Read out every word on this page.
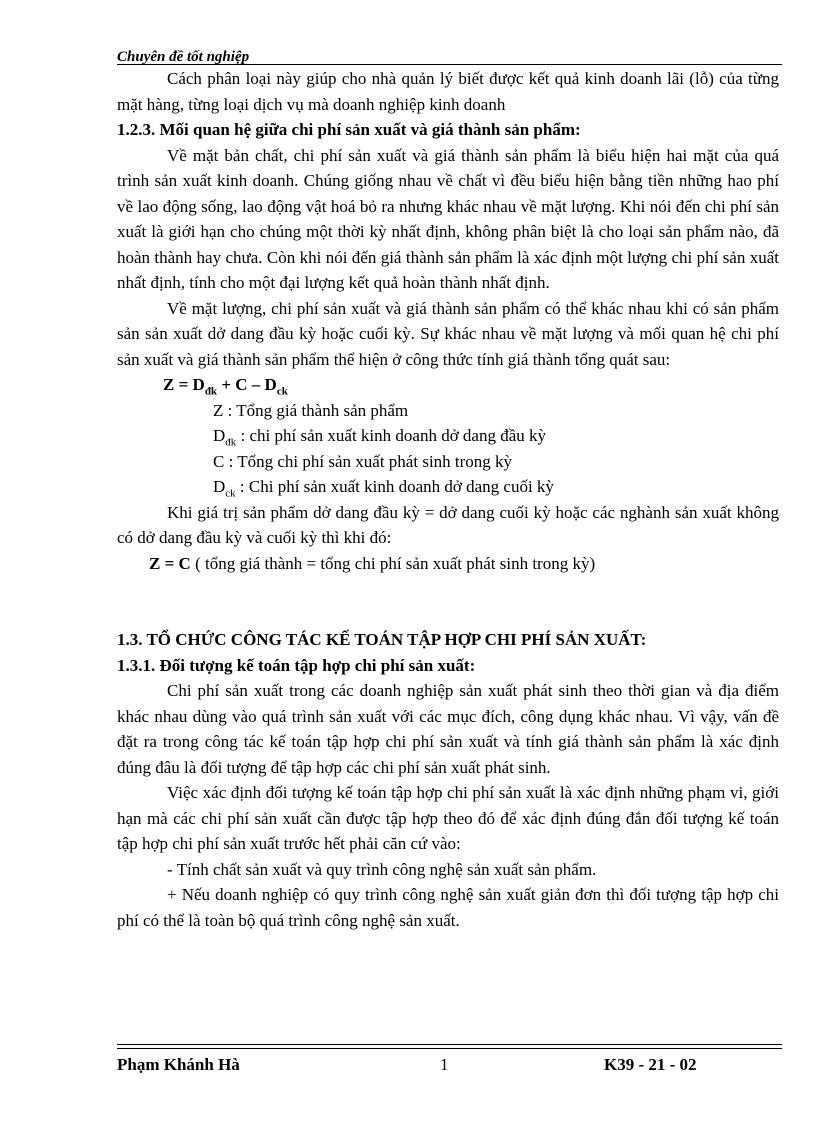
Chuyên đề tốt nghiệp

Cách phân loại này giúp cho nhà quản lý biết được kết quả kinh doanh lãi (lỗ) của từng mặt hàng, từng loại dịch vụ mà doanh nghiệp kinh doanh

1.2.3. Mối quan hệ giữa chi phí sản xuất và giá thành sản phẩm:

Về mặt bản chất, chi phí sản xuất và giá thành sản phẩm là biểu hiện hai mặt của quá trình sản xuất kinh doanh. Chúng giống nhau về chất vì đều biểu hiện bằng tiền những hao phí về lao động sống, lao động vật hoá bỏ ra nhưng khác nhau về mặt lượng. Khi nói đến chi phí sản xuất là giới hạn cho chúng một thời kỳ nhất định, không phân biệt là cho loại sản phẩm nào, đã hoàn thành hay chưa. Còn khi nói đến giá thành sản phẩm là xác định một lượng chi phí sản xuất nhất định, tính cho một đại lượng kết quả hoàn thành nhất định.

Về mặt lượng, chi phí sản xuất và giá thành sản phẩm có thể khác nhau khi có sản phẩm sản sản xuất dở dang đầu kỳ hoặc cuối kỳ. Sự khác nhau về mặt lượng và mối quan hệ chi phí sản xuất và giá thành sản phẩm thể hiện ở công thức tính giá thành tổng quát sau:

$Z = D_{đk} + C - D_{ck}$

Z : Tổng giá thành sản phẩm

$D_{đk}$ : chi phí sản xuất kinh doanh dở dang đầu kỳ

C : Tổng chi phí sản xuất phát sinh trong kỳ

$D_{ck}$ : Chi phí sản xuất kinh doanh dở dang cuối kỳ

Khi giá trị sản phẩm dở dang đầu kỳ = dở dang cuối kỳ hoặc các nghành sản xuất không có dở dang đầu kỳ và cuối kỳ thì khi đó:

Z = C ( tổng giá thành = tổng chi phí sản xuất phát sinh trong kỳ)

1.3. TỔ CHỨC CÔNG TÁC KẾ TOÁN TẬP HỢP CHI PHÍ SẢN XUẤT:

1.3.1. Đối tượng kế toán tập hợp chi phí sản xuất:

Chi phí sản xuất trong các doanh nghiệp sản xuất phát sinh theo thời gian và địa điểm khác nhau dùng vào quá trình sản xuất với các mục đích, công dụng khác nhau. Vì vậy, vấn đề đặt ra trong công tác kế toán tập hợp chi phí sản xuất và tính giá thành sản phẩm là xác định đúng đâu là đối tượng để tập hợp các chi phí sản xuất phát sinh.

Việc xác định đối tượng kế toán tập hợp chi phí sản xuất là xác định những phạm vi, giới hạn mà các chi phí sản xuất cần được tập hợp theo đó để xác định đúng đắn đối tượng kế toán tập hợp chi phí sản xuất trước hết phải căn cứ vào:

- Tính chất sản xuất và quy trình công nghệ sản xuất sản phẩm.

+ Nếu doanh nghiệp có quy trình công nghệ sản xuất giản đơn thì đối tượng tập hợp chi phí có thể là toàn bộ quá trình công nghệ sản xuất.

Phạm Khánh Hà	1	K39 - 21 - 02
